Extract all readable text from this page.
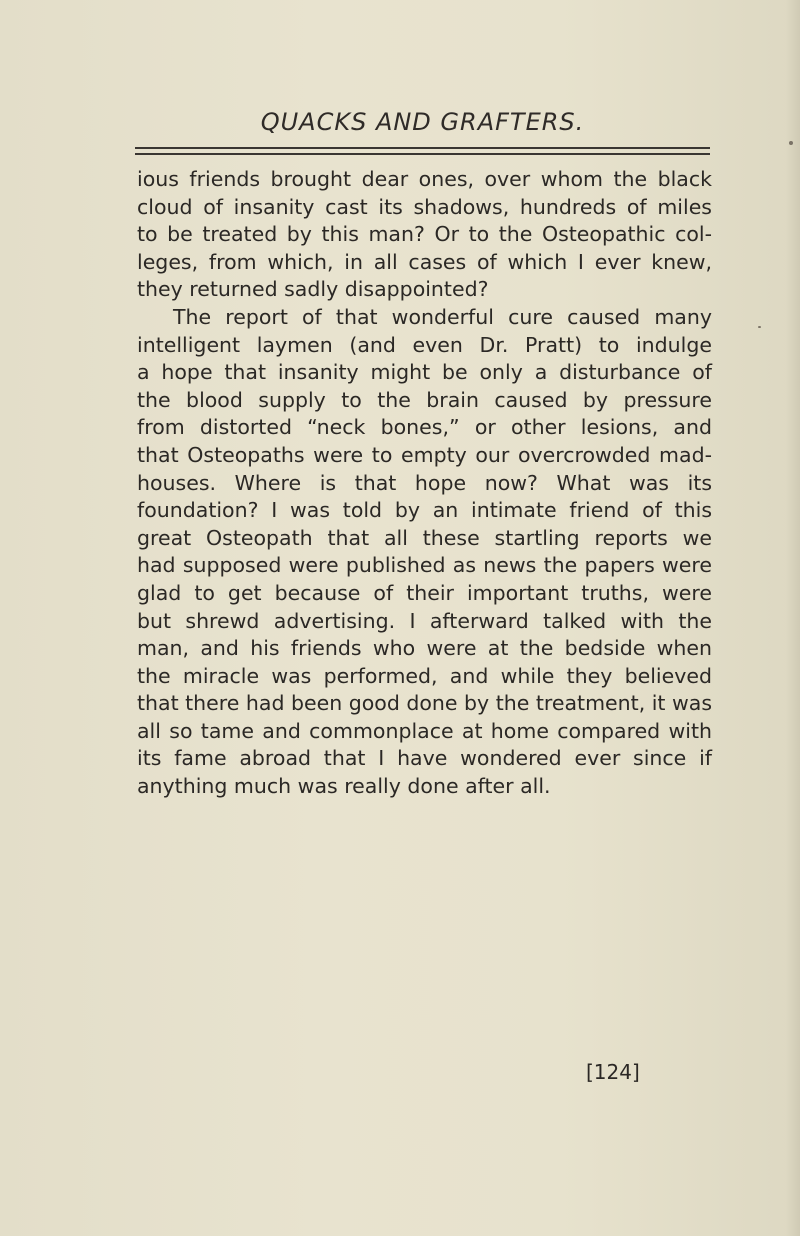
QUACKS AND GRAFTERS.
ious friends brought dear ones, over whom the black
cloud of insanity cast its shadows, hundreds of miles
to be treated by this man? Or to the Osteopathic col-
leges, from which, in all cases of which I ever knew,
they returned sadly disappointed?
The report of that wonderful cure caused many
intelligent laymen (and even Dr. Pratt) to indulge
a hope that insanity might be only a disturbance of
the blood supply to the brain caused by pressure
from distorted “neck bones,” or other lesions, and
that Osteopaths were to empty our overcrowded mad-
houses. Where is that hope now? What was its
foundation? I was told by an intimate friend of this
great Osteopath that all these startling reports we
had supposed were published as news the papers were
glad to get because of their important truths, were
but shrewd advertising. I afterward talked with the
man, and his friends who were at the bedside when
the miracle was performed, and while they believed
that there had been good done by the treatment, it was
all so tame and commonplace at home compared with
its fame abroad that I have wondered ever since if
anything much was really done after all.
[124]
